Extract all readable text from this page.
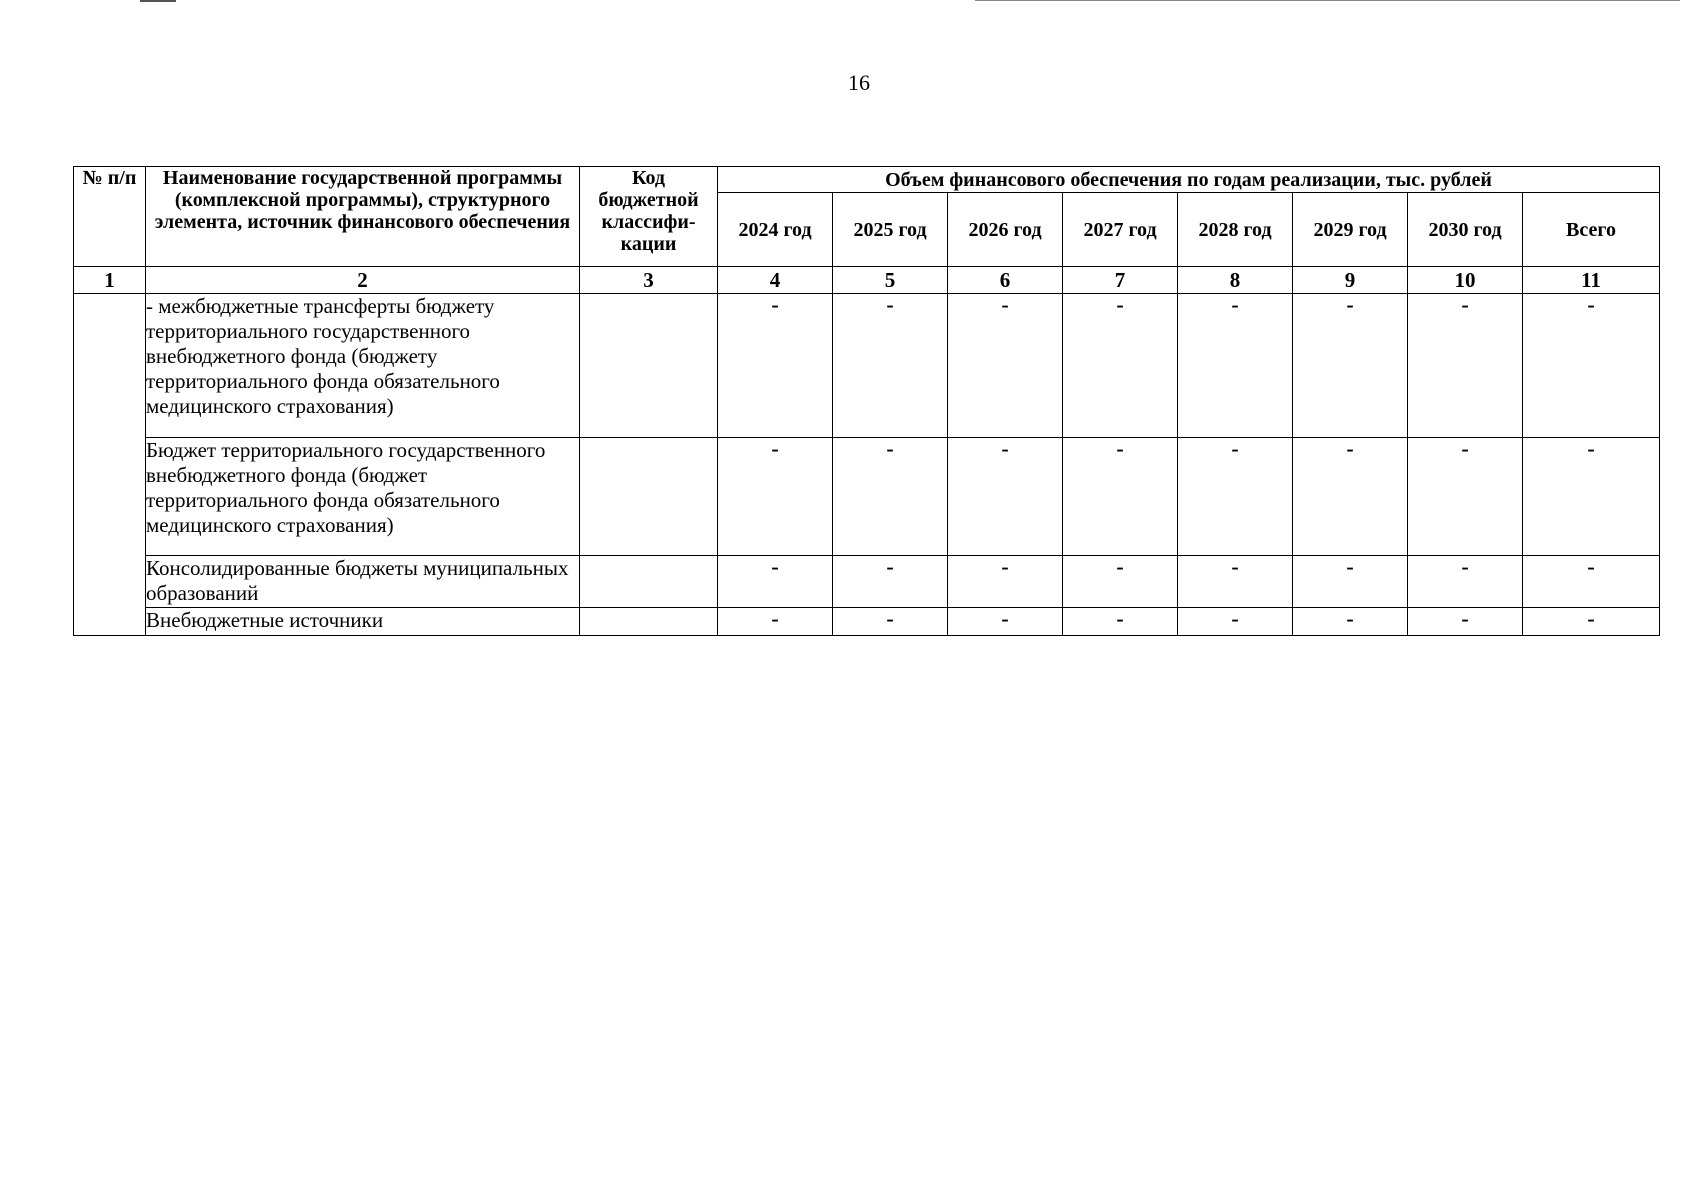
16
№ п/п	Наименование государственной программы (комплексной программы), структурного элемента, источник финансового обеспечения	Код бюджетной классифи-кации	Объем финансового обеспечения по годам реализации, тыс. рублей							
			2024 год	2025 год	2026 год	2027 год	2028 год	2029 год	2030 год	Всего
1	2	3	4	5	6	7	8	9	10	11
	- межбюджетные трансферты бюджету территориального государственного внебюджетного фонда (бюджету территориального фонда обязательного медицинского страхования)		-	-	-	-	-	-	-	-
	Бюджет территориального государственного внебюджетного фонда (бюджет территориального фонда обязательного медицинского страхования)		-	-	-	-	-	-	-	-
	Консолидированные бюджеты муниципальных образований		-	-	-	-	-	-	-	-
	Внебюджетные источники		-	-	-	-	-	-	-	-
